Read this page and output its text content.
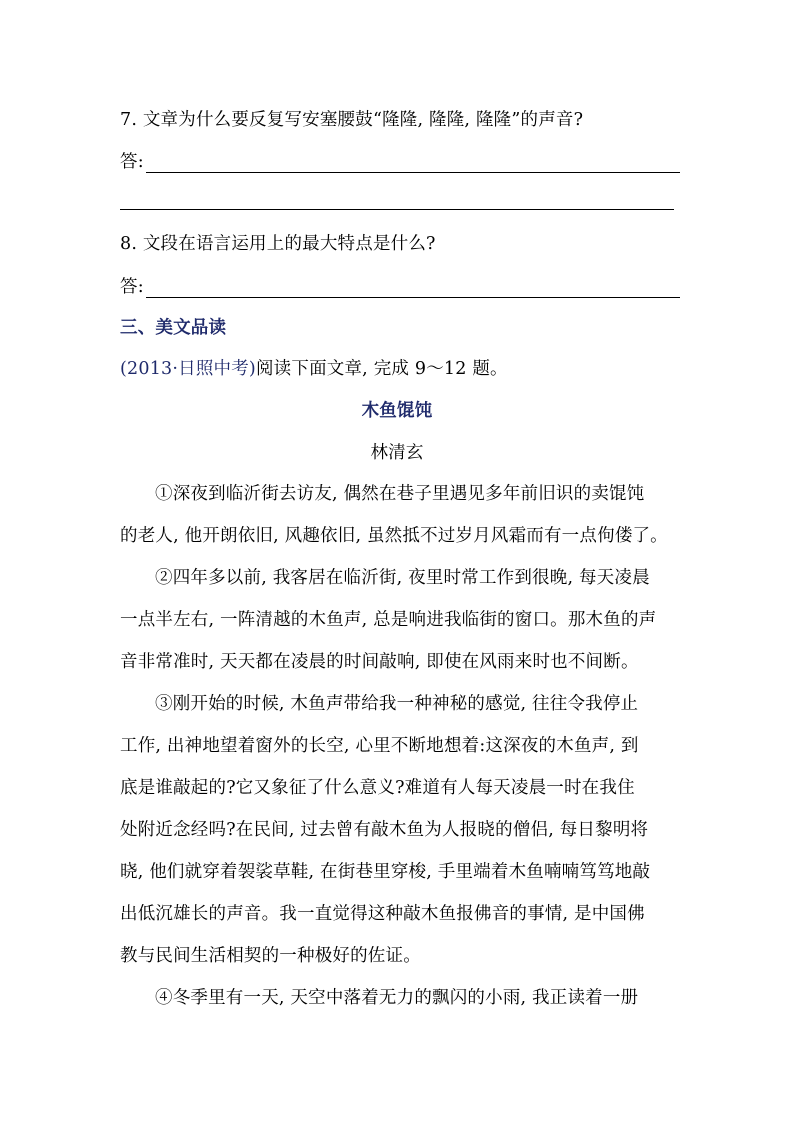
7. 文章为什么要反复写安塞腰鼓“隆隆, 隆隆, 隆隆”的声音?
答:
8. 文段在语言运用上的最大特点是什么?
答:
三、美文品读
(2013·日照中考)阅读下面文章, 完成 9～12 题。
木鱼馄饨
林清玄
①深夜到临沂街去访友, 偶然在巷子里遇见多年前旧识的卖馄饨
的老人, 他开朗依旧, 风趣依旧, 虽然抵不过岁月风霜而有一点佝偻了。
②四年多以前, 我客居在临沂街, 夜里时常工作到很晚, 每天凌晨
一点半左右, 一阵清越的木鱼声, 总是响进我临街的窗口。那木鱼的声
音非常准时, 天天都在凌晨的时间敲响, 即使在风雨来时也不间断。
③刚开始的时候, 木鱼声带给我一种神秘的感觉, 往往令我停止
工作, 出神地望着窗外的长空, 心里不断地想着:这深夜的木鱼声, 到
底是谁敲起的?它又象征了什么意义?难道有人每天凌晨一时在我住
处附近念经吗?在民间, 过去曾有敲木鱼为人报晓的僧侣, 每日黎明将
晓, 他们就穿着袈裟草鞋, 在街巷里穿梭, 手里端着木鱼喃喃笃笃地敲
出低沉雄长的声音。我一直觉得这种敲木鱼报佛音的事情, 是中国佛
教与民间生活相契的一种极好的佐证。
④冬季里有一天, 天空中落着无力的飘闪的小雨, 我正读着一册
